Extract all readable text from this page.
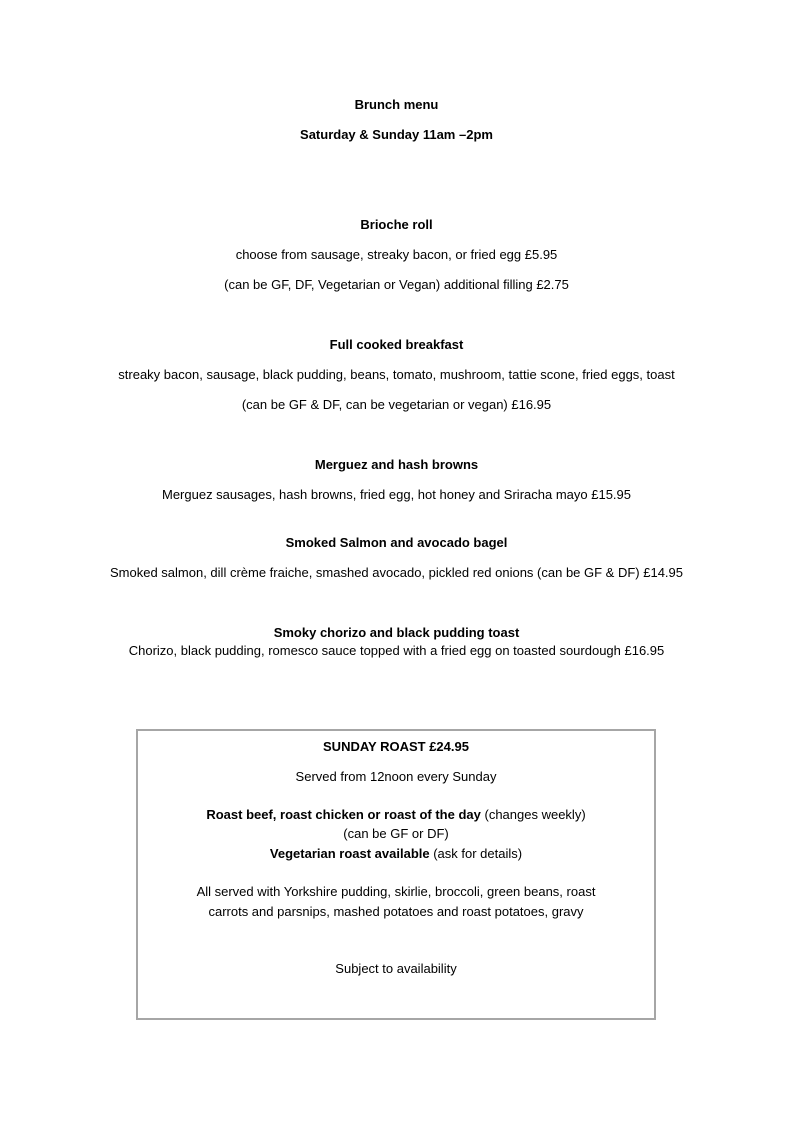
Brunch menu
Saturday & Sunday 11am –2pm
Brioche roll
choose from sausage, streaky bacon, or fried egg £5.95
(can be GF, DF, Vegetarian or Vegan) additional filling £2.75
Full cooked breakfast
streaky bacon, sausage, black pudding, beans, tomato, mushroom, tattie scone, fried eggs, toast
(can be GF & DF, can be vegetarian or vegan) £16.95
Merguez and hash browns
Merguez sausages, hash browns, fried egg, hot honey and Sriracha mayo £15.95
Smoked Salmon and avocado bagel
Smoked salmon, dill crème fraiche, smashed avocado, pickled red onions (can be GF & DF) £14.95
Smoky chorizo and black pudding toast
Chorizo, black pudding, romesco sauce topped with a fried egg on toasted sourdough £16.95
SUNDAY ROAST £24.95
Served from 12noon every Sunday
Roast beef, roast chicken or roast of the day (changes weekly)
(can be GF or DF)
Vegetarian roast available (ask for details)
All served with Yorkshire pudding, skirlie, broccoli, green beans, roast
carrots and parsnips, mashed potatoes and roast potatoes, gravy
Subject to availability
